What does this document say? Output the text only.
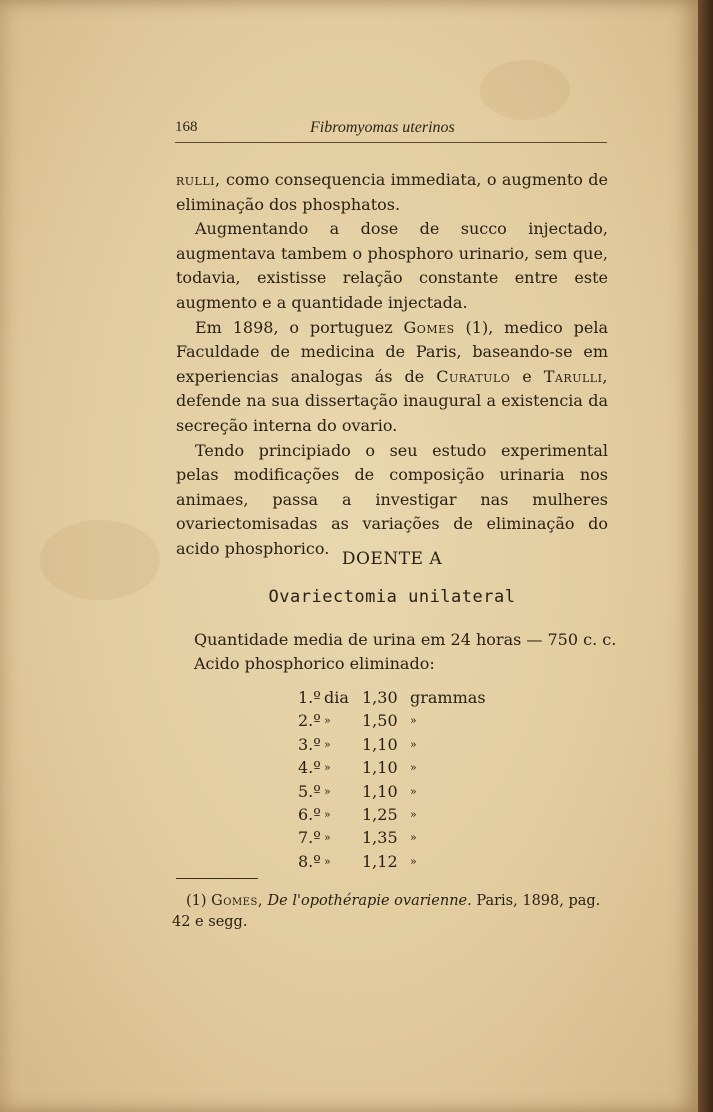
168	Fibromyomas uterinos

rulli, como consequencia immediata, o augmento de eliminação dos phosphatos.

Augmentando a dose de succo injectado, augmentava tambem o phosphoro urinario, sem que, todavia, existisse relação constante entre este augmento e a quantidade injectada.

Em 1898, o portuguez Gomes (1), medico pela Faculdade de medicina de Paris, baseando-se em experiencias analogas ás de Curatulo e Tarulli, defende na sua dissertação inaugural a existencia da secreção interna do ovario.

Tendo principiado o seu estudo experimental pelas modificações de composição urinaria nos animaes, passa a investigar nas mulheres ovariectomisadas as variações de eliminação do acido phosphorico.

DOENTE A
Ovariectomia unilateral
Quantidade media de urina em 24 horas — 750 c. c.
Acido phosphorico eliminado:
1.º dia 1,30 grammas
2.º » 1,50 »
3.º » 1,10 »
4.º » 1,10 »
5.º » 1,10 »
6.º » 1,25 »
7.º » 1,35 »
8.º » 1,12 »

(1) Gomes, De l'opothérapie ovarienne. Paris, 1898, pag. 42 e segg.
